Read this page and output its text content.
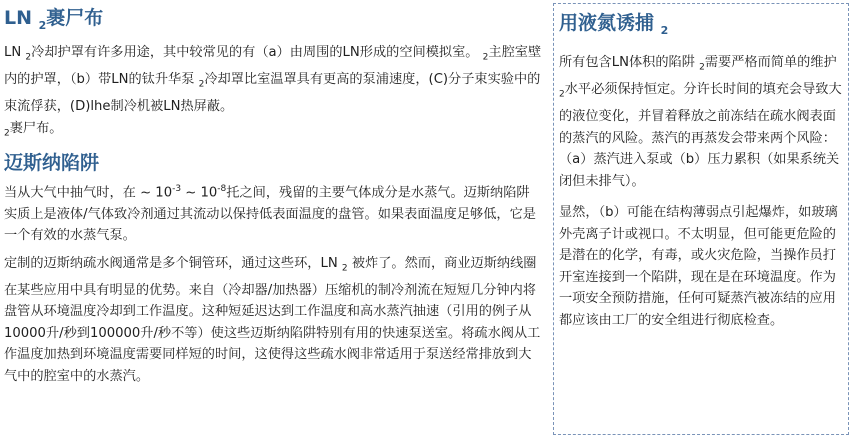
LN $_2$裹尸布

LN $_2$冷却护罩有许多用途，其中较常见的有（a）由周围的LN形成的空间模拟室。 $_2$主腔室壁内的护罩，（b）带LN的钛升华泵 $_2$冷却罩比室温罩具有更高的泵浦速度，(C)分子束实验中的束流俘获，(D)lhe制冷机被LN热屏蔽。
$_2$裹尸布。

迈斯纳陷阱

当从大气中抽气时，在 ~ $10^{-3}$ ~ $10^{-8}$托之间，残留的主要气体成分是水蒸气。迈斯纳陷阱实质上是液体/气体致冷剂通过其流动以保持低表面温度的盘管。如果表面温度足够低，它是一个有效的水蒸气泵。

定制的迈斯纳疏水阀通常是多个铜管环，通过这些环，LN $_2$ 被炸了。然而，商业迈斯纳线圈在某些应用中具有明显的优势。来自（冷却器/加热器）压缩机的制冷剂流在短短几分钟内将盘管从环境温度冷却到工作温度。这种短延迟达到工作温度和高水蒸汽抽速（引用的例子从10000升/秒到100000升/秒不等）使这些迈斯纳陷阱特别有用的快速泵送室。将疏水阀从工作温度加热到环境温度需要同样短的时间，这使得这些疏水阀非常适用于泵送经常排放到大气中的腔室中的水蒸汽。

用液氮诱捕 $_2$

所有包含LN体积的陷阱 $_2$需要严格而简单的维护 $_2$水平必须保持恒定。分许长时间的填充会导致大的液位变化，并冒着释放之前冻结在疏水阀表面的蒸汽的风险。蒸汽的再蒸发会带来两个风险：（a）蒸汽进入泵或（b）压力累积（如果系统关闭但未排气）。

显然，（b）可能在结构薄弱点引起爆炸，如玻璃外壳离子计或视口。不太明显，但可能更危险的是潜在的化学，有毒，或火灾危险，当操作员打开室连接到一个陷阱，现在是在环境温度。作为一项安全预防措施，任何可疑蒸汽被冻结的应用都应该由工厂的安全组进行彻底检查。
